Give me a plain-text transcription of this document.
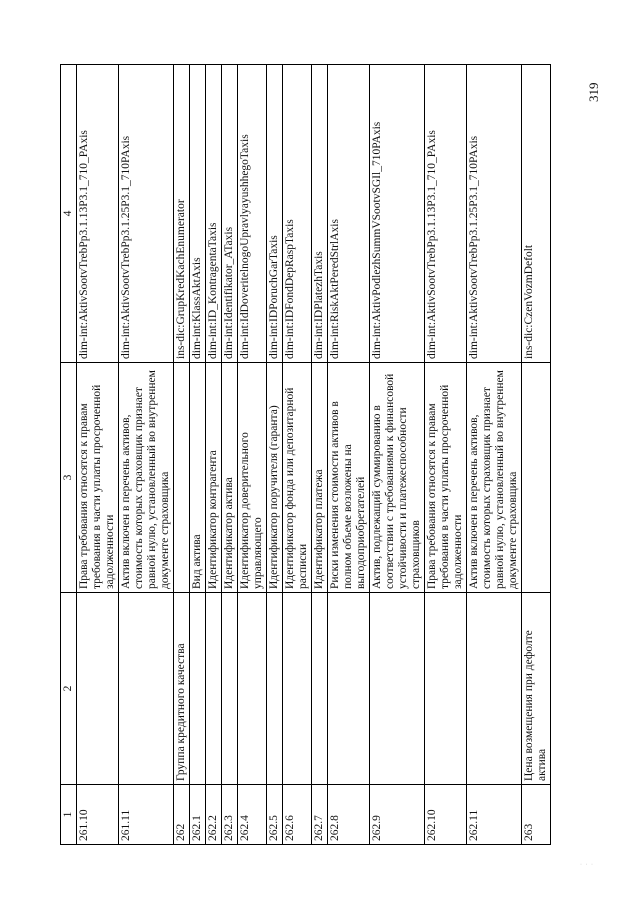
1	2	3	4
261.10		Права требования относятся к правам требования в части уплаты просроченной задолженности	dim-int:AktivSootvTrebPp3.1.13P3.1_710_PAxis
261.11		Актив включен в перечень активов, стоимость которых страховщик признает равной нулю, установленный во внутреннем документе страховщика	dim-int:AktivSootvTrebPp3.1.25P3.1_710PAxis
262	Группа кредитного качества		ins-dic:GrupKredKachEnumerator
262.1		Вид актива	dim-int:KlassAktAxis
262.2		Идентификатор контрагента	dim-int:ID_KontragentaTaxis
262.3		Идентификатор актива	dim-int:Identifikator_ATaxis
262.4		Идентификатор доверительного управляющего	dim-int:IdDoveritelnogoUpravlyayushhegoTaxis
262.5		Идентификатор поручителя (гаранта)	dim-int:IDPoruchGarTaxis
262.6		Идентификатор фонда или депозитарной расписки	dim-int:IDFondDepRaspTaxis
262.7		Идентификатор платежа	dim-int:IDPlatezhTaxis
262.8		Риски изменения стоимости активов в полном объеме возложены на выгодоприобретателей	dim-int:RiskAktPeredStrlAxis
262.9		Актив, подлежащий суммированию в соответствии с требованиями к финансовой устойчивости и платежеспособности страховщиков	dim-int:AktivPodlezhSummVSootvSGIl_710PAxis
262.10		Права требования относятся к правам требования в части уплаты просроченной задолженности	dim-int:AktivSootvTrebPp3.1.13P3.1_710_PAxis
262.11		Актив включен в перечень активов, стоимость которых страховщик признает равной нулю, установленный во внутреннем документе страховщика	dim-int:AktivSootvTrebPp3.1.25P3.1_710PAxis
263	Цена возмещения при дефолте актива		ins-dic:CzenVozmDefolt
319
· · ·
